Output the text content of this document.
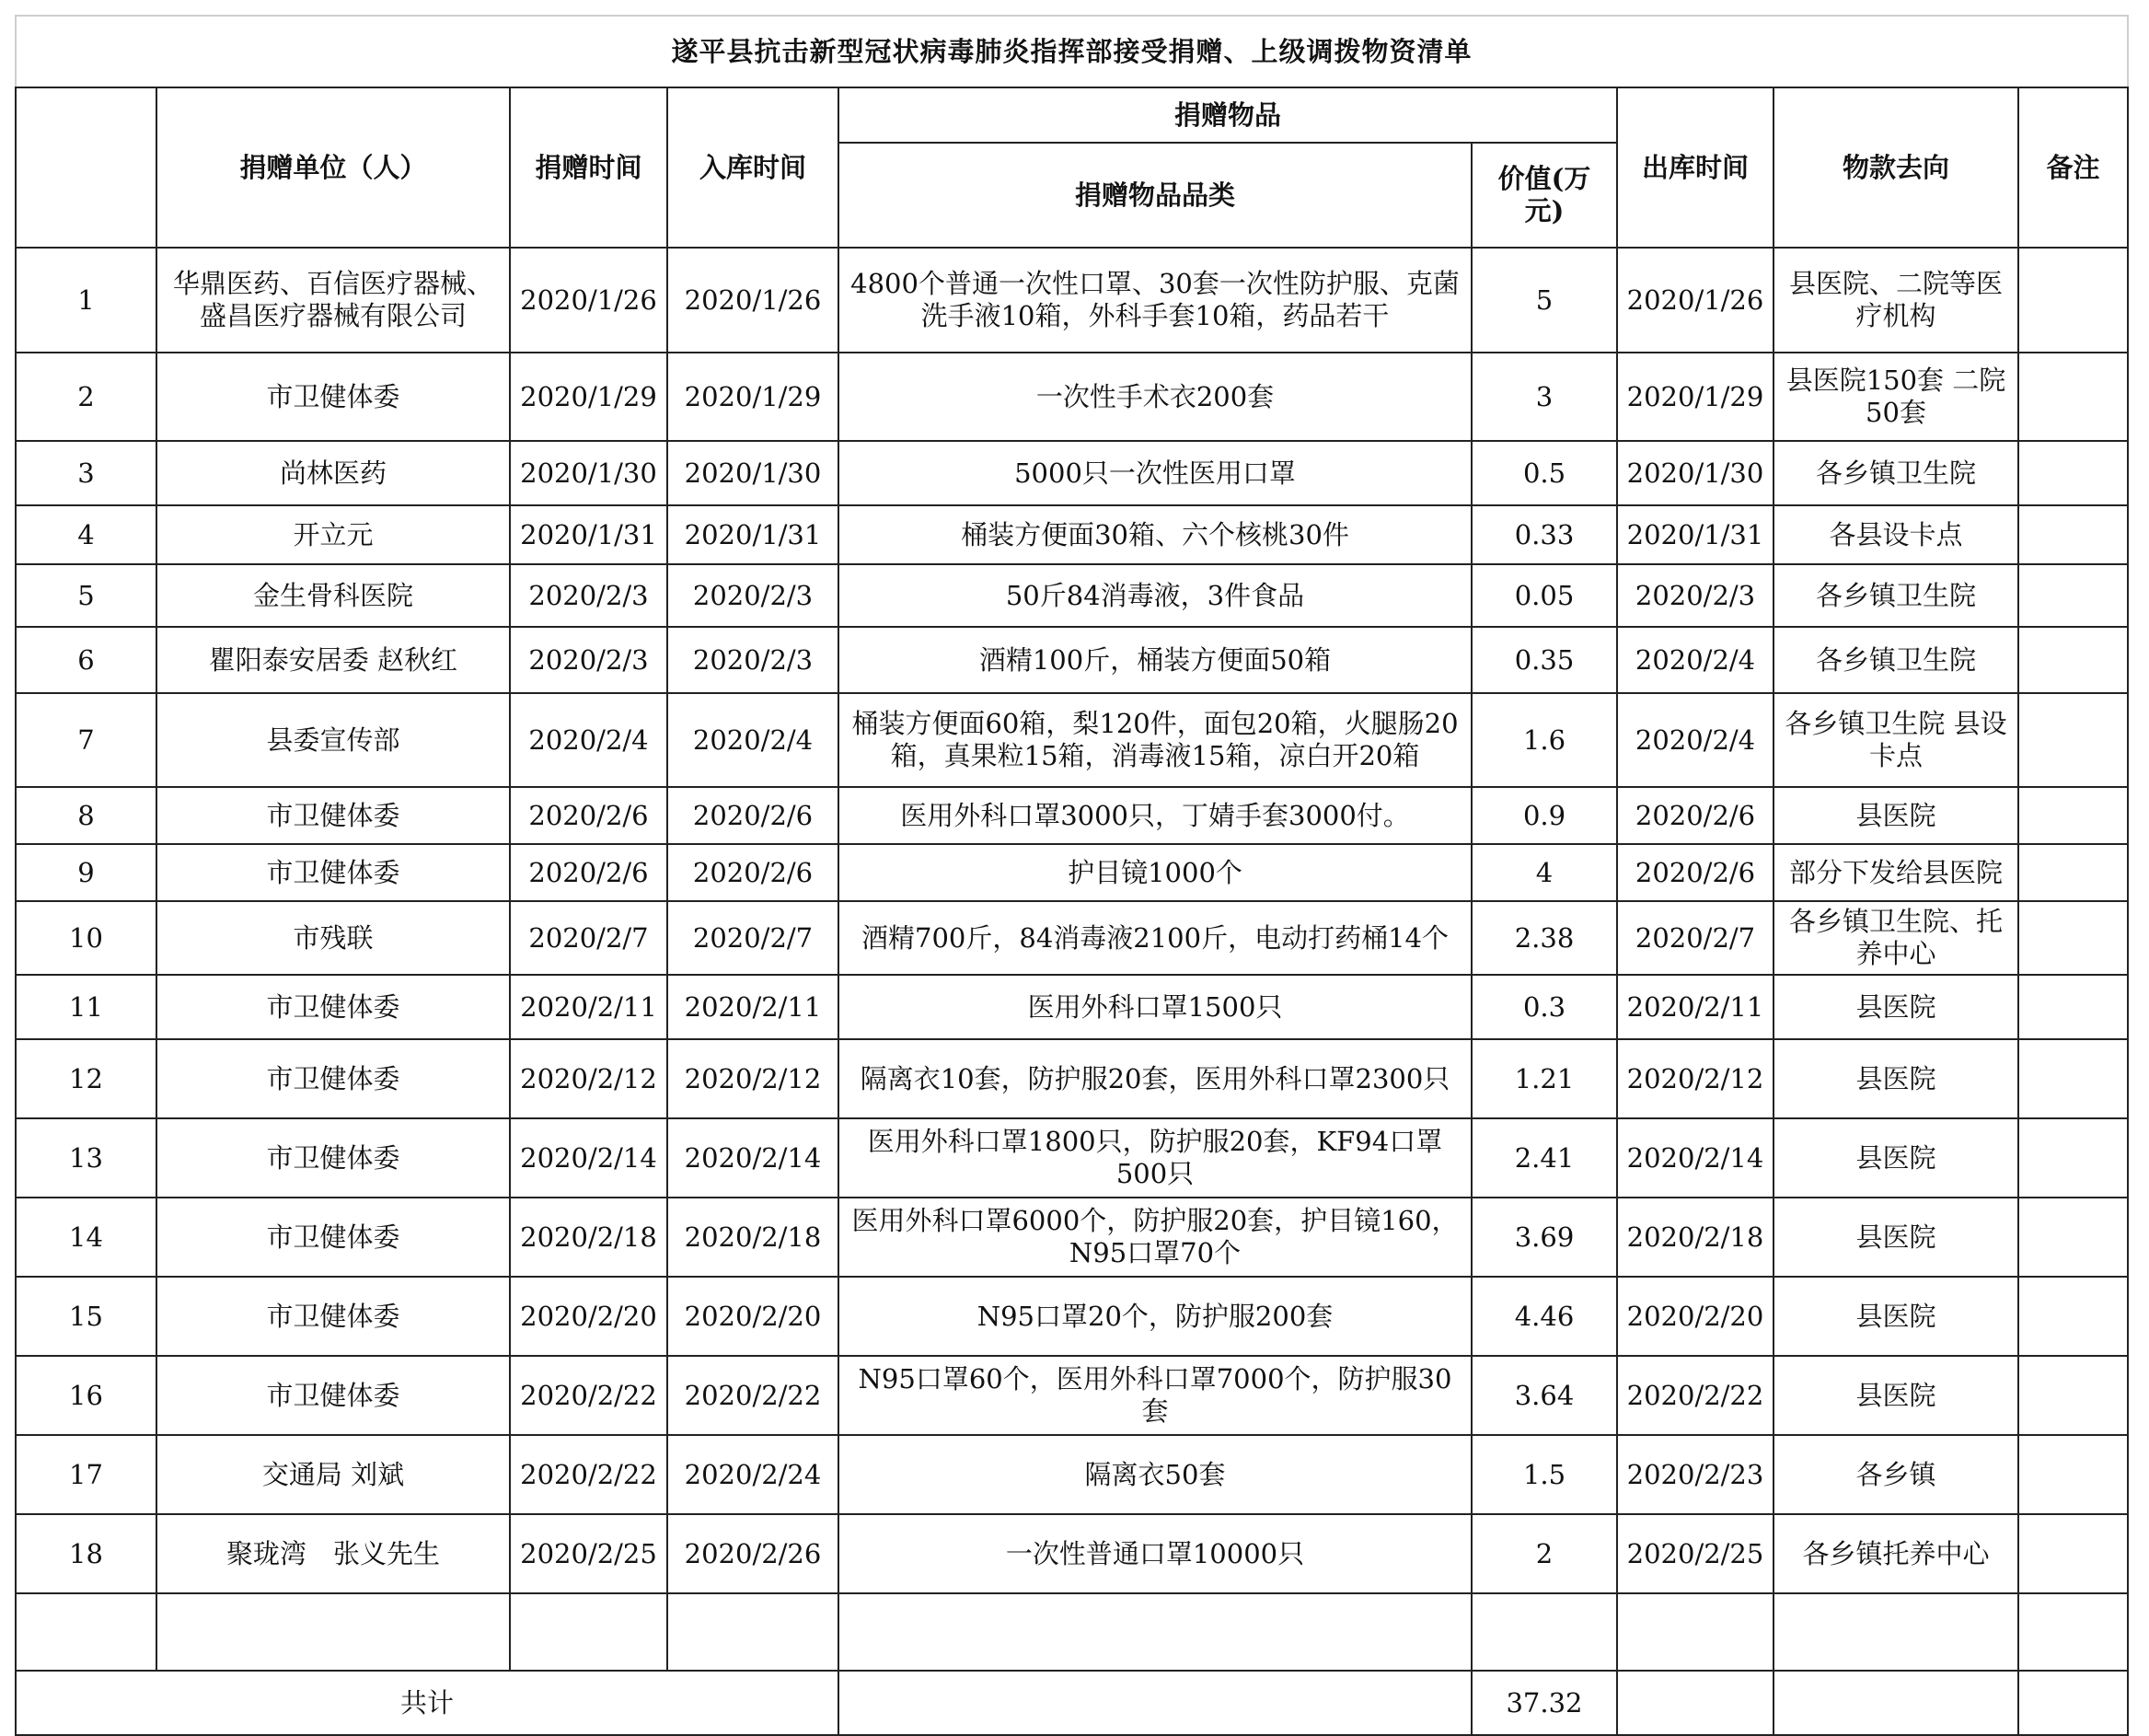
遂平县抗击新型冠状病毒肺炎指挥部接受捐赠、上级调拨物资清单								
	捐赠单位（人）	捐赠时间	入库时间	捐赠物品		出库时间	物款去向	备注
				捐赠物品品类	价值(万元)			
1	华鼎医药、百信医疗器械、盛昌医疗器械有限公司	2020/1/26	2020/1/26	4800个普通一次性口罩、30套一次性防护服、克菌洗手液10箱，外科手套10箱，药品若干	5	2020/1/26	县医院、二院等医疗机构	
2	市卫健体委	2020/1/29	2020/1/29	一次性手术衣200套	3	2020/1/29	县医院150套 二院50套	
3	尚林医药	2020/1/30	2020/1/30	5000只一次性医用口罩	0.5	2020/1/30	各乡镇卫生院	
4	开立元	2020/1/31	2020/1/31	桶装方便面30箱、六个核桃30件	0.33	2020/1/31	各县设卡点	
5	金生骨科医院	2020/2/3	2020/2/3	50斤84消毒液，3件食品	0.05	2020/2/3	各乡镇卫生院	
6	瞿阳泰安居委 赵秋红	2020/2/3	2020/2/3	酒精100斤，桶装方便面50箱	0.35	2020/2/4	各乡镇卫生院	
7	县委宣传部	2020/2/4	2020/2/4	桶装方便面60箱，梨120件，面包20箱，火腿肠20箱，真果粒15箱，消毒液15箱，凉白开20箱	1.6	2020/2/4	各乡镇卫生院 县设卡点	
8	市卫健体委	2020/2/6	2020/2/6	医用外科口罩3000只，丁婧手套3000付。	0.9	2020/2/6	县医院	
9	市卫健体委	2020/2/6	2020/2/6	护目镜1000个	4	2020/2/6	部分下发给县医院	
10	市残联	2020/2/7	2020/2/7	酒精700斤，84消毒液2100斤，电动打药桶14个	2.38	2020/2/7	各乡镇卫生院、托养中心	
11	市卫健体委	2020/2/11	2020/2/11	医用外科口罩1500只	0.3	2020/2/11	县医院	
12	市卫健体委	2020/2/12	2020/2/12	隔离衣10套，防护服20套，医用外科口罩2300只	1.21	2020/2/12	县医院	
13	市卫健体委	2020/2/14	2020/2/14	医用外科口罩1800只，防护服20套，KF94口罩500只	2.41	2020/2/14	县医院	
14	市卫健体委	2020/2/18	2020/2/18	医用外科口罩6000个，防护服20套，护目镜160，N95口罩70个	3.69	2020/2/18	县医院	
15	市卫健体委	2020/2/20	2020/2/20	N95口罩20个，防护服200套	4.46	2020/2/20	县医院	
16	市卫健体委	2020/2/22	2020/2/22	N95口罩60个，医用外科口罩7000个，防护服30套	3.64	2020/2/22	县医院	
17	交通局 刘斌	2020/2/22	2020/2/24	隔离衣50套	1.5	2020/2/23	各乡镇	
18	聚珑湾　张义先生	2020/2/25	2020/2/26	一次性普通口罩10000只	2	2020/2/25	各乡镇托养中心	

共计					37.32			
